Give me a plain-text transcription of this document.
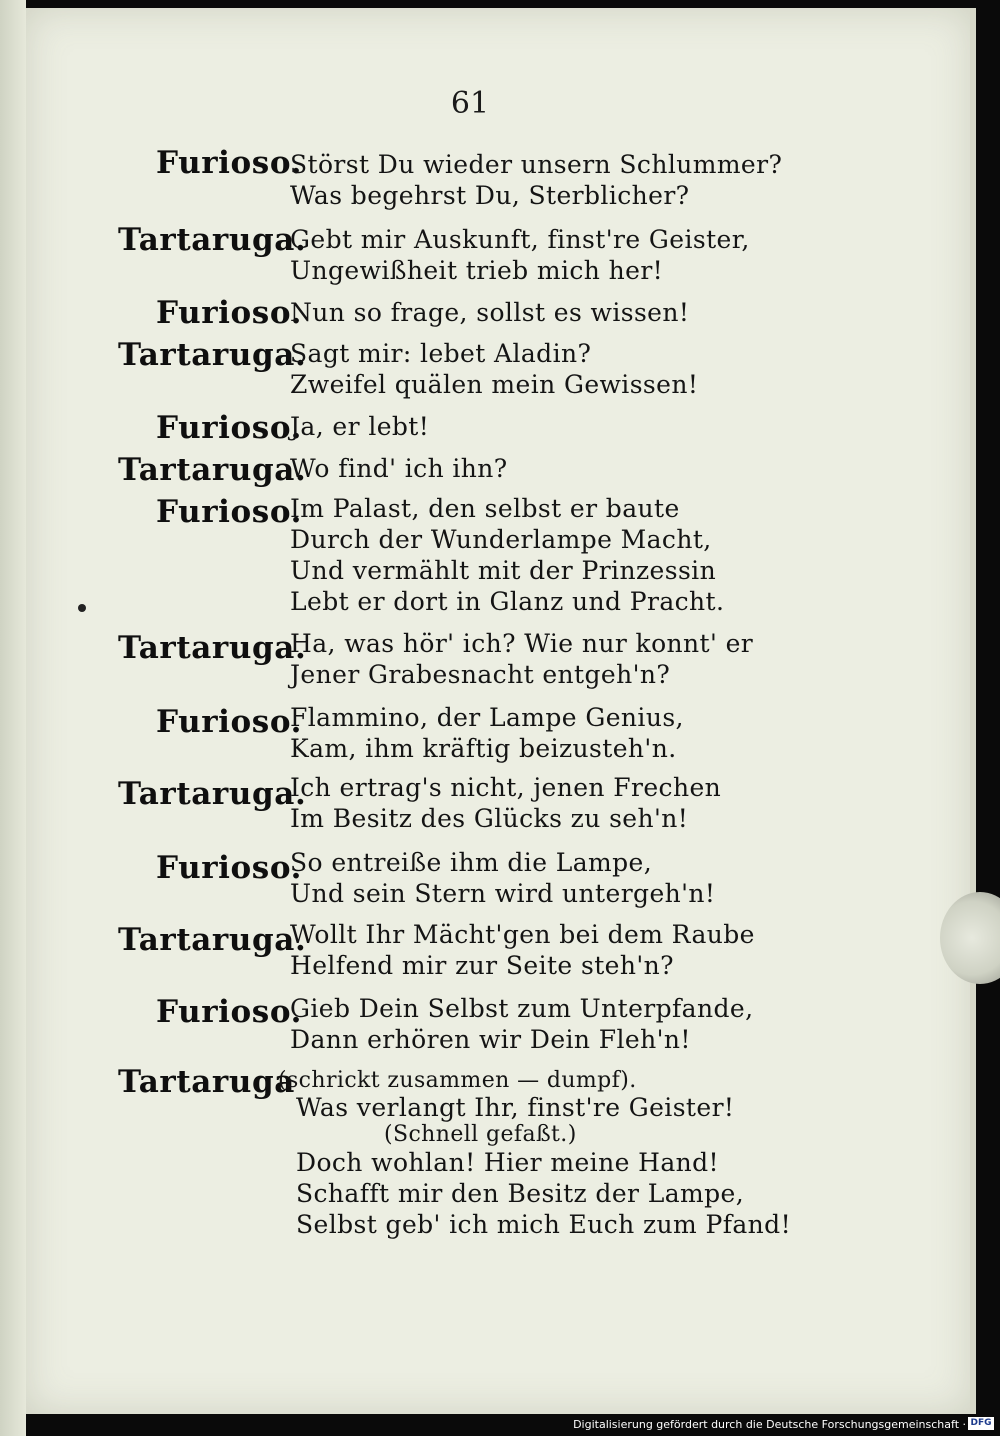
61
Furioso.
Störst Du wieder unsern Schlummer?
Was begehrst Du, Sterblicher?
Tartaruga.
Gebt mir Auskunft, finst're Geister,
Ungewißheit trieb mich her!
Furioso.
Nun so frage, sollst es wissen!
Tartaruga.
Sagt mir: lebet Aladin?
Zweifel quälen mein Gewissen!
Furioso.
Ja, er lebt!
Tartaruga.
Wo find' ich ihn?
Furioso.
Im Palast, den selbst er baute
Durch der Wunderlampe Macht,
Und vermählt mit der Prinzessin
Lebt er dort in Glanz und Pracht.
Tartaruga.
Ha, was hör' ich? Wie nur konnt' er
Jener Grabesnacht entgeh'n?
Furioso.
Flammino, der Lampe Genius,
Kam, ihm kräftig beizusteh'n.
Tartaruga.
Ich ertrag's nicht, jenen Frechen
Im Besitz des Glücks zu seh'n!
Furioso.
So entreiße ihm die Lampe,
Und sein Stern wird untergeh'n!
Tartaruga.
Wollt Ihr Mächt'gen bei dem Raube
Helfend mir zur Seite steh'n?
Furioso.
Gieb Dein Selbst zum Unterpfande,
Dann erhören wir Dein Fleh'n!
Tartaruga
(schrickt zusammen — dumpf).
Was verlangt Ihr, finst're Geister!
(Schnell gefaßt.)
Doch wohlan! Hier meine Hand!
Schafft mir den Besitz der Lampe,
Selbst geb' ich mich Euch zum Pfand!
Digitalisierung gefördert durch die Deutsche Forschungsgemeinschaft · DFG
